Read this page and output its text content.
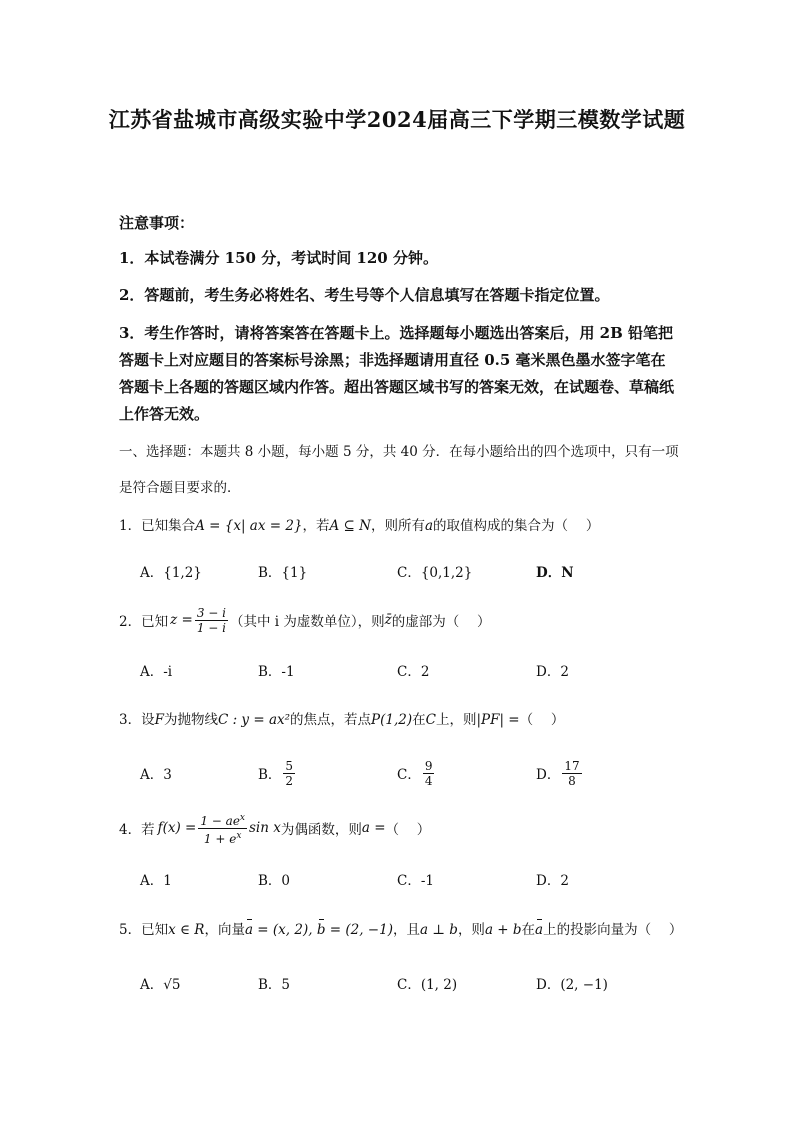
江苏省盐城市高级实验中学2024届高三下学期三模数学试题
注意事项：
1．本试卷满分 150 分，考试时间 120 分钟。
2．答题前，考生务必将姓名、考生号等个人信息填写在答题卡指定位置。
3．考生作答时，请将答案答在答题卡上。选择题每小题选出答案后，用 2B 铅笔把答题卡上对应题目的答案标号涂黑；非选择题请用直径 0.5 毫米黑色墨水签字笔在答题卡上各题的答题区域内作答。超出答题区域书写的答案无效，在试题卷、草稿纸上作答无效。
一、选择题：本题共 8 小题，每小题 5 分，共 40 分．在每小题给出的四个选项中，只有一项是符合题目要求的．
1．已知集合A = {x| ax = 2}，若A ⊆ N，则所有a的取值构成的集合为（　 ）
A．{1,2}	B．{1}	C．{0,1,2}	D．N
2．已知 $z = \frac{3 - i}{1 - i}$ （其中 i 为虚数单位），则 z̄ 的虚部为（　 ）
A．-i	B．-1	C．2	D．2
3．设F为抛物线C : y = ax²的焦点，若点P(1,2)在C上，则|PF| =（　 ）
A．3	B． $\frac{5}{2}$	C． $\frac{9}{4}$	D． $\frac{17}{8}$
4．若 $f(x) = \frac{1 - ae^x}{1 + e^x}$ sin x 为偶函数，则 a = （　 ）
A．1	B．0	C．-1	D．2
5．已知x ∈ R，向量a = (x, 2), b = (2, −1)，且a ⊥ b，则a + b在a上的投影向量为（　 ）
A．√5	B．5	C．(1, 2)	D．(2, −1)
